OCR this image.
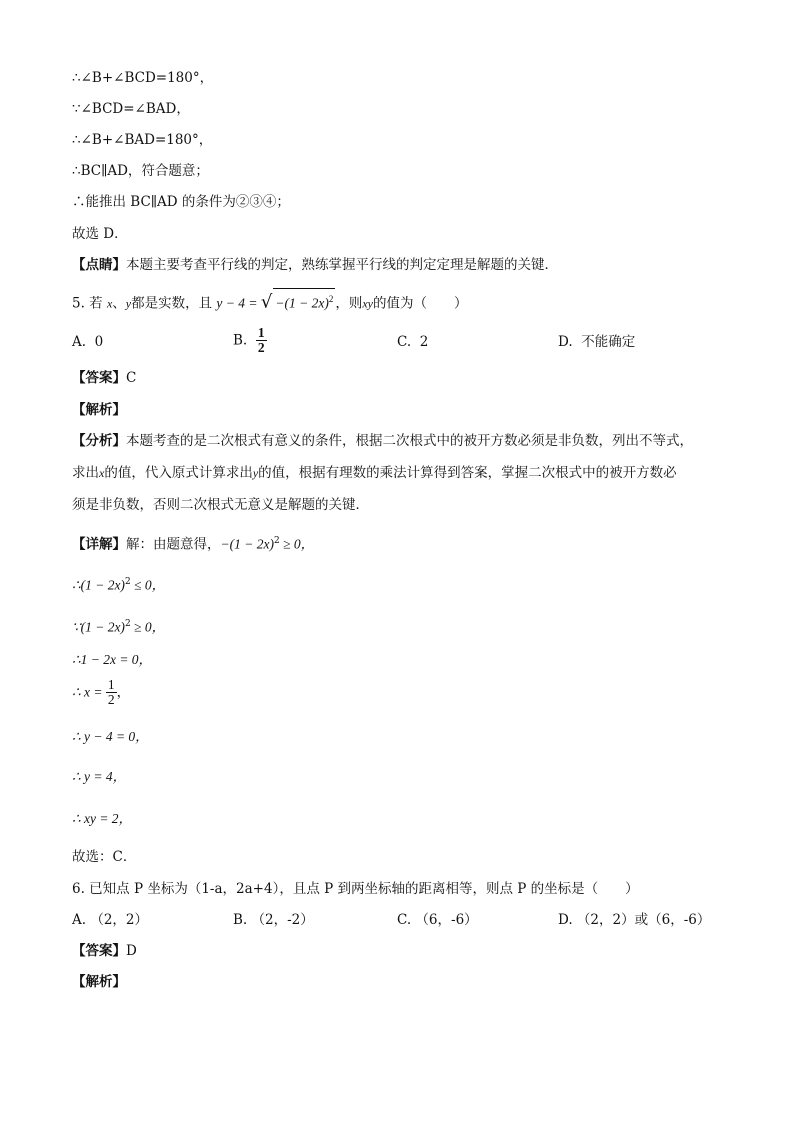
∴∠B+∠BCD=180°，
∵∠BCD=∠BAD，
∴∠B+∠BAD=180°，
∴BC∥AD，符合题意；
∴能推出 BC∥AD 的条件为②③④；
故选 D．
【点睛】本题主要考查平行线的判定，熟练掌握平行线的判定定理是解题的关键．
5. 若 x、y都是实数，且 y − 4 = √ $-(1 - 2x)^2$ ，则xy的值为（　　）
A. 0	B. $\frac{1}{2}$	C. 2	D. 不能确定
【答案】C
【解析】
【分析】本题考查的是二次根式有意义的条件，根据二次根式中的被开方数必须是非负数，列出不等式，
求出x的值，代入原式计算求出y的值，根据有理数的乘法计算得到答案，掌握二次根式中的被开方数必
须是非负数，否则二次根式无意义是解题的关键．
【详解】解：由题意得，$-(1 - 2x)^2 \ge 0$，
∴(1 − 2x)$^2$ ≤ 0，
∵(1 − 2x)$^2$ ≥ 0，
∴1 − 2x = 0，
∴ $x = \frac{1}{2}$ ，
∴ y − 4 = 0，
∴ y = 4，
∴ xy = 2，
故选：C．
6. 已知点 P 坐标为（1-a，2a+4），且点 P 到两坐标轴的距离相等，则点 P 的坐标是（　　）
A. （2，2）	B. （2，-2）	C. （6，-6）	D. （2，2）或（6，-6）
【答案】D
【解析】
